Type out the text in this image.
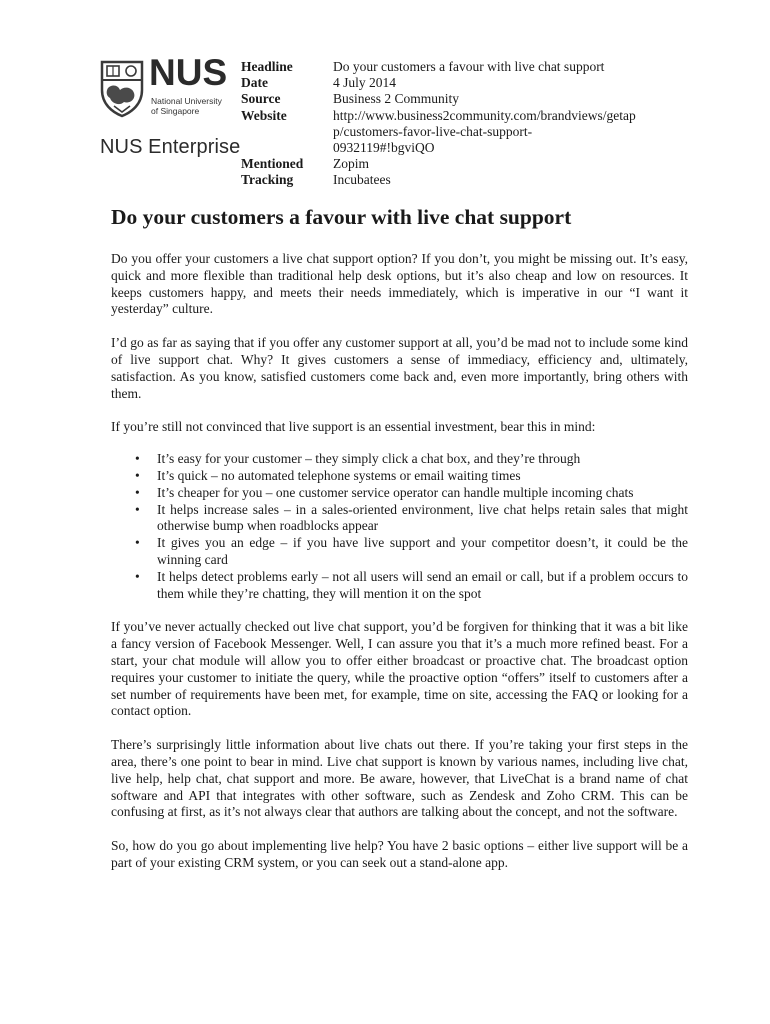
NUS
National University
of Singapore
NUS Enterprise
Headline	Do your customers a favour with live chat support
Date	4 July 2014
Source	Business 2 Community
Website	http://www.business2community.com/brandviews/getap
p/customers-favor-live-chat-support-0932119#!bgviQO
Mentioned	Zopim
Tracking	Incubatees
Do your customers a favour with live chat support

Do you offer your customers a live chat support option? If you don’t, you might be missing out. It’s easy, quick and more flexible than traditional help desk options, but it’s also cheap and low on resources. It keeps customers happy, and meets their needs immediately, which is imperative in our “I want it yesterday” culture.

I’d go as far as saying that if you offer any customer support at all, you’d be mad not to include some kind of live support chat. Why? It gives customers a sense of immediacy, efficiency and, ultimately, satisfaction. As you know, satisfied customers come back and, even more importantly, bring others with them.

If you’re still not convinced that live support is an essential investment, bear this in mind:

• It’s easy for your customer – they simply click a chat box, and they’re through
• It’s quick – no automated telephone systems or email waiting times
• It’s cheaper for you – one customer service operator can handle multiple incoming chats
• It helps increase sales – in a sales-oriented environment, live chat helps retain sales that might otherwise bump when roadblocks appear
• It gives you an edge – if you have live support and your competitor doesn’t, it could be the winning card
• It helps detect problems early – not all users will send an email or call, but if a problem occurs to them while they’re chatting, they will mention it on the spot

If you’ve never actually checked out live chat support, you’d be forgiven for thinking that it was a bit like a fancy version of Facebook Messenger. Well, I can assure you that it’s a much more refined beast. For a start, your chat module will allow you to offer either broadcast or proactive chat. The broadcast option requires your customer to initiate the query, while the proactive option “offers” itself to customers after a set number of requirements have been met, for example, time on site, accessing the FAQ or looking for a contact option.

There’s surprisingly little information about live chats out there. If you’re taking your first steps in the area, there’s one point to bear in mind. Live chat support is known by various names, including live chat, live help, help chat, chat support and more. Be aware, however, that LiveChat is a brand name of chat software and API that integrates with other software, such as Zendesk and Zoho CRM. This can be confusing at first, as it’s not always clear that authors are talking about the concept, and not the software.

So, how do you go about implementing live help? You have 2 basic options – either live support will be a part of your existing CRM system, or you can seek out a stand-alone app.
